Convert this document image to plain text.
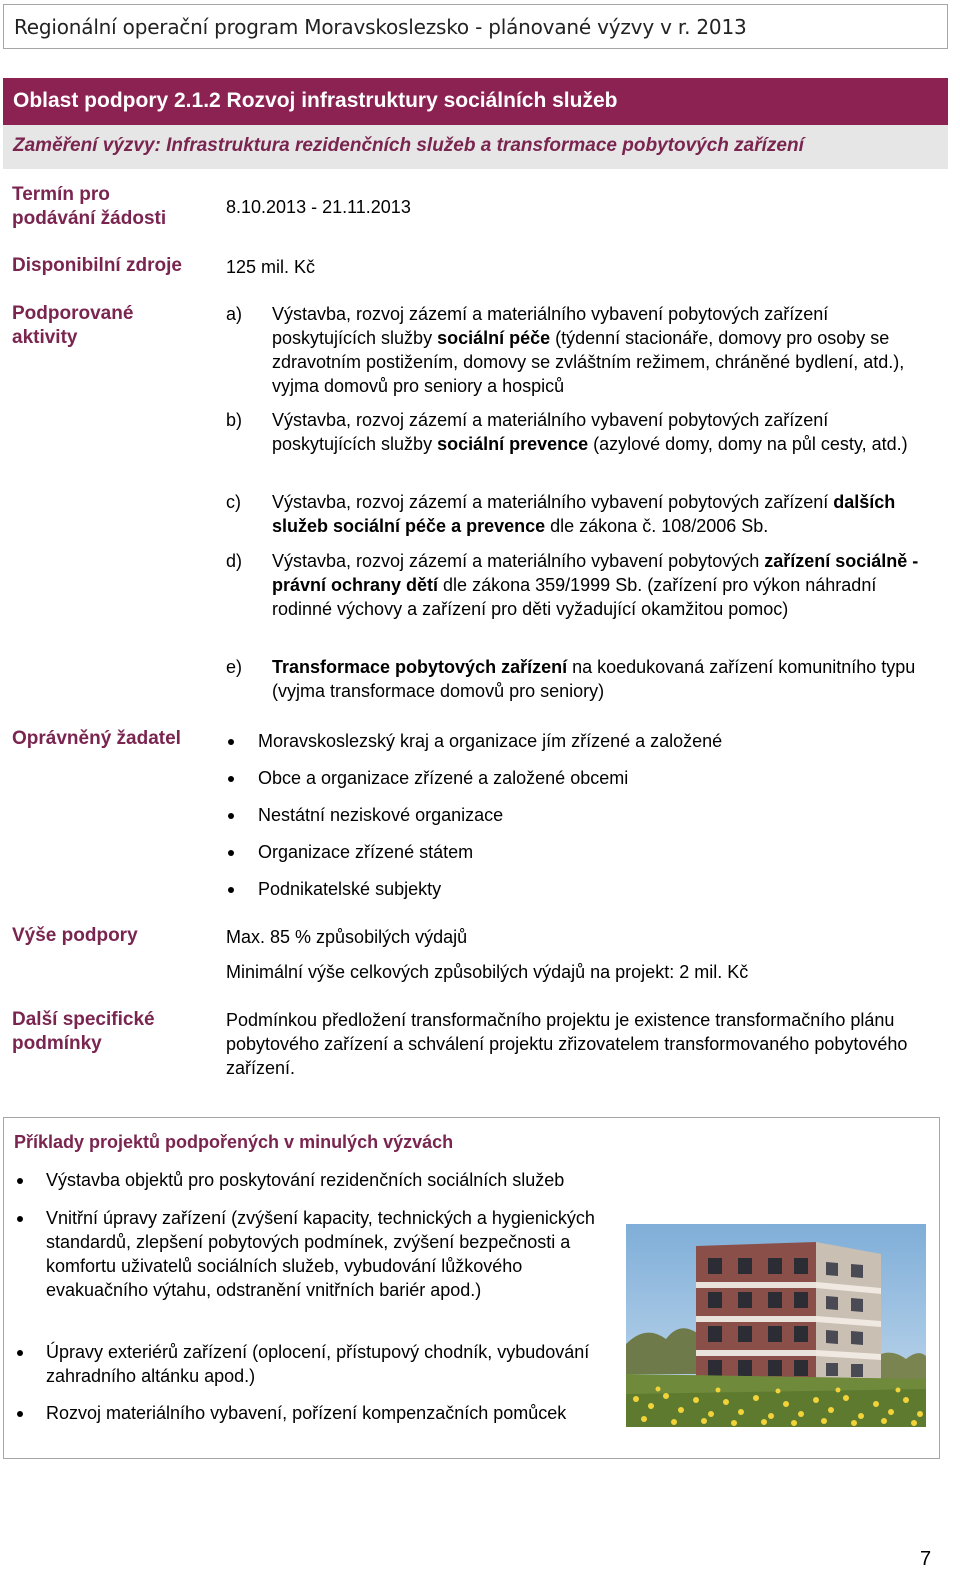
Regionální operační program Moravskoslezsko - plánované výzvy v r. 2013
Oblast podpory 2.1.2 Rozvoj infrastruktury sociálních služeb
Zaměření výzvy: Infrastruktura rezidenčních služeb a transformace pobytových zařízení
Termín pro
podávání žádosti
8.10.2013 - 21.11.2013
Disponibilní zdroje 125 mil. Kč
Podporované
aktivity
a) Výstavba, rozvoj zázemí a materiálního vybavení pobytových zařízení poskytujících služby sociální péče (týdenní stacionáře, domovy pro osoby se zdravotním postižením, domovy se zvláštním režimem, chráněné bydlení, atd.), vyjma domovů pro seniory a hospiců
b) Výstavba, rozvoj zázemí a materiálního vybavení pobytových zařízení poskytujících služby sociální prevence (azylové domy, domy na půl cesty, atd.)
c) Výstavba, rozvoj zázemí a materiálního vybavení pobytových zařízení dalších služeb sociální péče a prevence dle zákona č. 108/2006 Sb.
d) Výstavba, rozvoj zázemí a materiálního vybavení pobytových zařízení sociálně - právní ochrany dětí dle zákona 359/1999 Sb. (zařízení pro výkon náhradní rodinné výchovy a zařízení pro děti vyžadující okamžitou pomoc)
e) Transformace pobytových zařízení na koedukovaná zařízení komunitního typu (vyjma transformace domovů pro seniory)
Oprávněný žadatel	Moravskoslezský kraj a organizace jím zřízené a založené
Obce a organizace zřízené a založené obcemi
Nestátní neziskové organizace
Organizace zřízené státem
Podnikatelské subjekty
Výše podpory	Max. 85 % způsobilých výdajů
Minimální výše celkových způsobilých výdajů na projekt: 2 mil. Kč
Další specifické
podmínky
Podmínkou předložení transformačního projektu je existence transformačního plánu pobytového zařízení a schválení projektu zřizovatelem transformovaného pobytového zařízení.
Příklady projektů podpořených v minulých výzvách
Výstavba objektů pro poskytování rezidenčních sociálních služeb
Vnitřní úpravy zařízení (zvýšení kapacity, technických a hygienických standardů, zlepšení pobytových podmínek, zvýšení bezpečnosti a komfortu uživatelů sociálních služeb, vybudování lůžkového evakuačního výtahu, odstranění vnitřních bariér apod.)
Úpravy exteriérů zařízení (oplocení, přístupový chodník, vybudování zahradního altánku apod.)
Rozvoj materiálního vybavení, pořízení kompenzačních pomůcek
7
